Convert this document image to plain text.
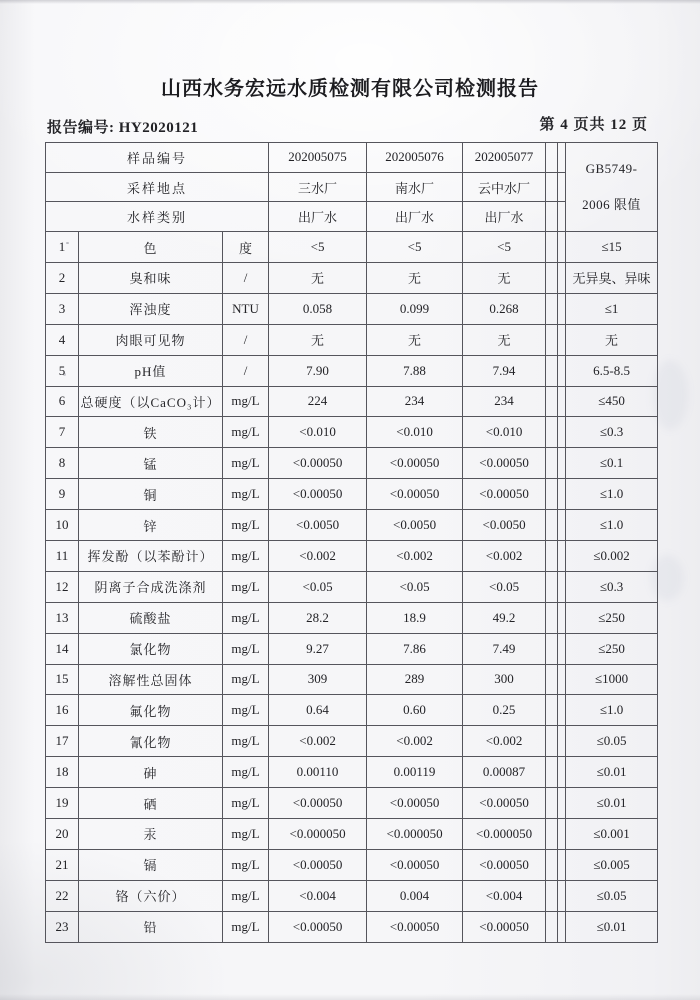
山西水务宏远水质检测有限公司检测报告
报告编号: HY2020121	第 4 页共 12 页
样品编号			202005075	202005076	202005077			GB5749-
2006 限值

采样地点			三水厂	南水厂	云中水厂			
水样类别			出厂水	出厂水	出厂水			
1	色	度	<5	<5	<5			≤15
2	臭和味	/	无	无	无			无异臭、异味
3	浑浊度	NTU	0.058	0.099	0.268			≤1
4	肉眼可见物	/	无	无	无			无
5	pH值	/	7.90	7.88	7.94			6.5-8.5
6	总硬度（以CaCO₃计）	mg/L	224	234	234			≤450
7	铁	mg/L	<0.010	<0.010	<0.010			≤0.3
8	锰	mg/L	<0.00050	<0.00050	<0.00050			≤0.1
9	铜	mg/L	<0.00050	<0.00050	<0.00050			≤1.0
10	锌	mg/L	<0.0050	<0.0050	<0.0050			≤1.0
11	挥发酚（以苯酚计）	mg/L	<0.002	<0.002	<0.002			≤0.002
12	阴离子合成洗涤剂	mg/L	<0.05	<0.05	<0.05			≤0.3
13	硫酸盐	mg/L	28.2	18.9	49.2			≤250
14	氯化物	mg/L	9.27	7.86	7.49			≤250
15	溶解性总固体	mg/L	309	289	300			≤1000
16	氟化物	mg/L	0.64	0.60	0.25			≤1.0
17	氰化物	mg/L	<0.002	<0.002	<0.002			≤0.05
18	砷	mg/L	0.00110	0.00119	0.00087			≤0.01
19	硒	mg/L	<0.00050	<0.00050	<0.00050			≤0.01
20	汞	mg/L	<0.000050	<0.000050	<0.000050			≤0.001
21	镉	mg/L	<0.00050	<0.00050	<0.00050			≤0.005
22	铬（六价）	mg/L	<0.004	0.004	<0.004			≤0.05
23	铅	mg/L	<0.00050	<0.00050	<0.00050			≤0.01
